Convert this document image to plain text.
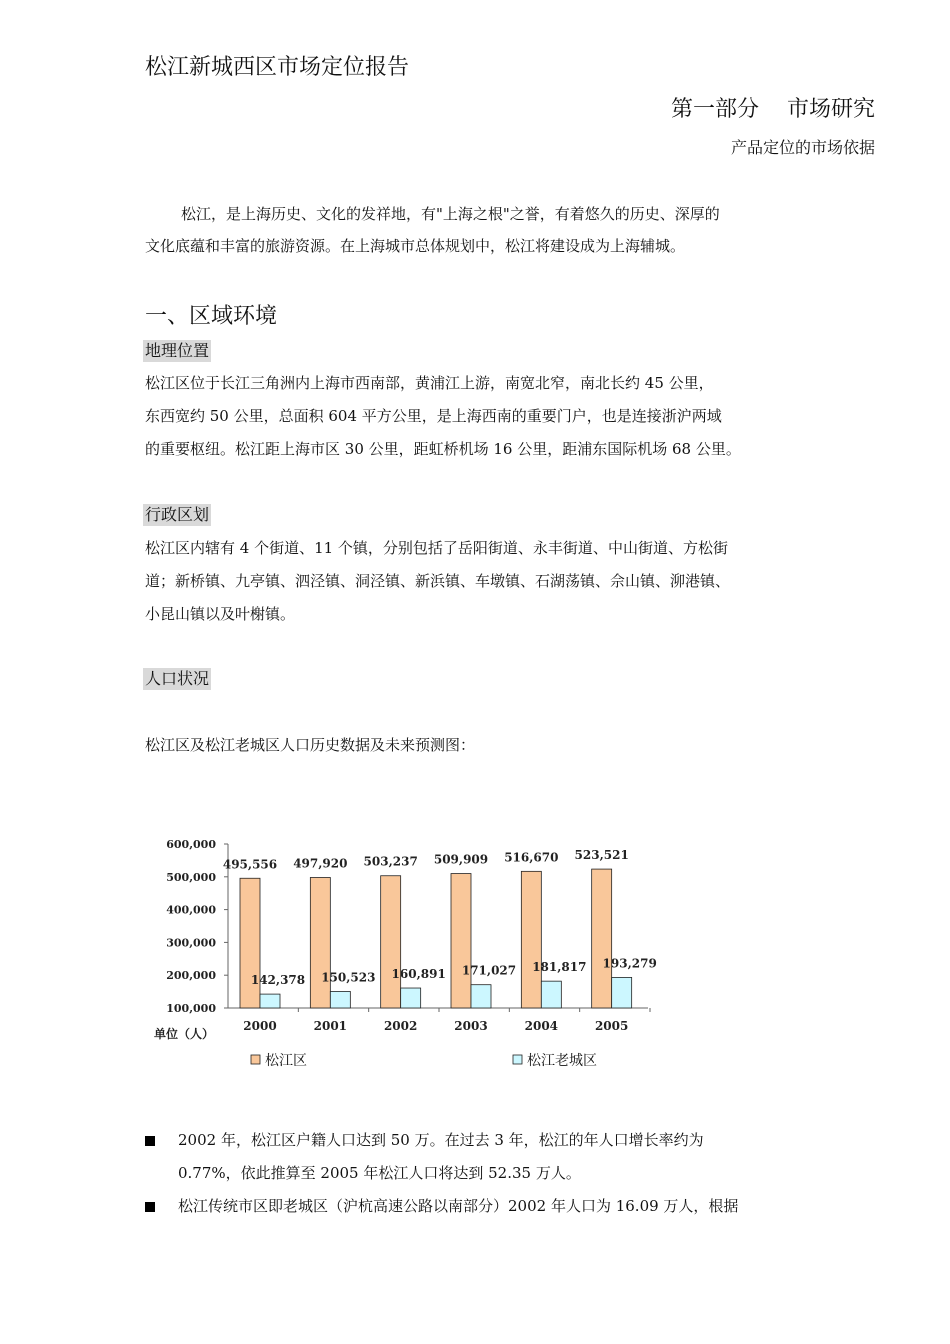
松江新城西区市场定位报告
第一部分    市场研究
产品定位的市场依据

松江，是上海历史、文化的发祥地，有"上海之根"之誉，有着悠久的历史、深厚的

文化底蕴和丰富的旅游资源。在上海城市总体规划中，松江将建设成为上海辅城。

一、区域环境
地理位置

松江区位于长江三角洲内上海市西南部，黄浦江上游，南宽北窄，南北长约 45 公里，

东西宽约 50 公里，总面积 604 平方公里，是上海西南的重要门户，也是连接浙沪两域

的重要枢纽。松江距上海市区 30 公里，距虹桥机场 16 公里，距浦东国际机场 68 公里。

行政区划

松江区内辖有 4 个街道、11 个镇，分别包括了岳阳街道、永丰街道、中山街道、方松街

道；新桥镇、九亭镇、泗泾镇、洞泾镇、新浜镇、车墩镇、石湖荡镇、佘山镇、泖港镇、

小昆山镇以及叶榭镇。

人口状况
松江区及松江老城区人口历史数据及未来预测图：
100,000
200,000
300,000
400,000
500,000
600,000
单位（人）
2000
495,556
142,378
2001
497,920
150,523
2002
503,237
160,891
2003
509,909
171,027
2004
516,670
181,817
2005
523,521
193,279
松江区	松江老城区

2002 年，松江区户籍人口达到 50 万。在过去 3 年，松江的年人口增长率约为

0.77%，依此推算至 2005 年松江人口将达到 52.35 万人。

松江传统市区即老城区（沪杭高速公路以南部分）2002 年人口为 16.09 万人，根据
